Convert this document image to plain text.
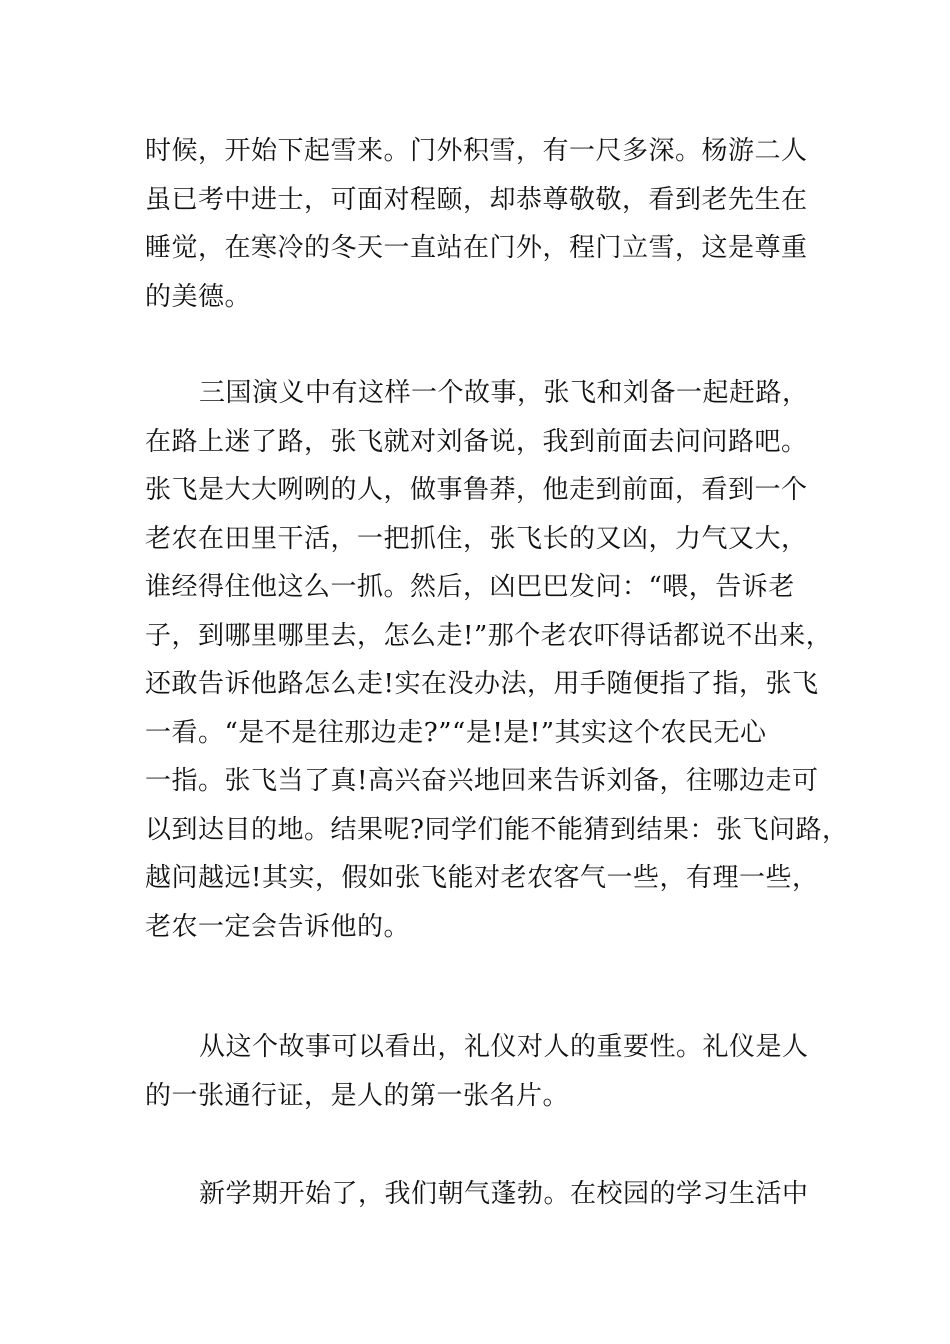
时候，开始下起雪来。门外积雪，有一尺多深。杨游二人
虽已考中进士，可面对程颐，却恭尊敬敬，看到老先生在
睡觉，在寒冷的冬天一直站在门外，程门立雪，这是尊重
的美德。
三国演义中有这样一个故事，张飞和刘备一起赶路，
在路上迷了路，张飞就对刘备说，我到前面去问问路吧。
张飞是大大咧咧的人，做事鲁莽，他走到前面，看到一个
老农在田里干活，一把抓住，张飞长的又凶，力气又大，
谁经得住他这么一抓。然后，凶巴巴发问：“喂，告诉老
子，到哪里哪里去，怎么走!”那个老农吓得话都说不出来，
还敢告诉他路怎么走!实在没办法，用手随便指了指，张飞
一看。“是不是往那边走?”“是!是!”其实这个农民无心
一指。张飞当了真!高兴奋兴地回来告诉刘备，往哪边走可
以到达目的地。结果呢?同学们能不能猜到结果：张飞问路，
越问越远!其实，假如张飞能对老农客气一些，有理一些，
老农一定会告诉他的。
从这个故事可以看出，礼仪对人的重要性。礼仪是人
的一张通行证，是人的第一张名片。
新学期开始了，我们朝气蓬勃。在校园的学习生活中
